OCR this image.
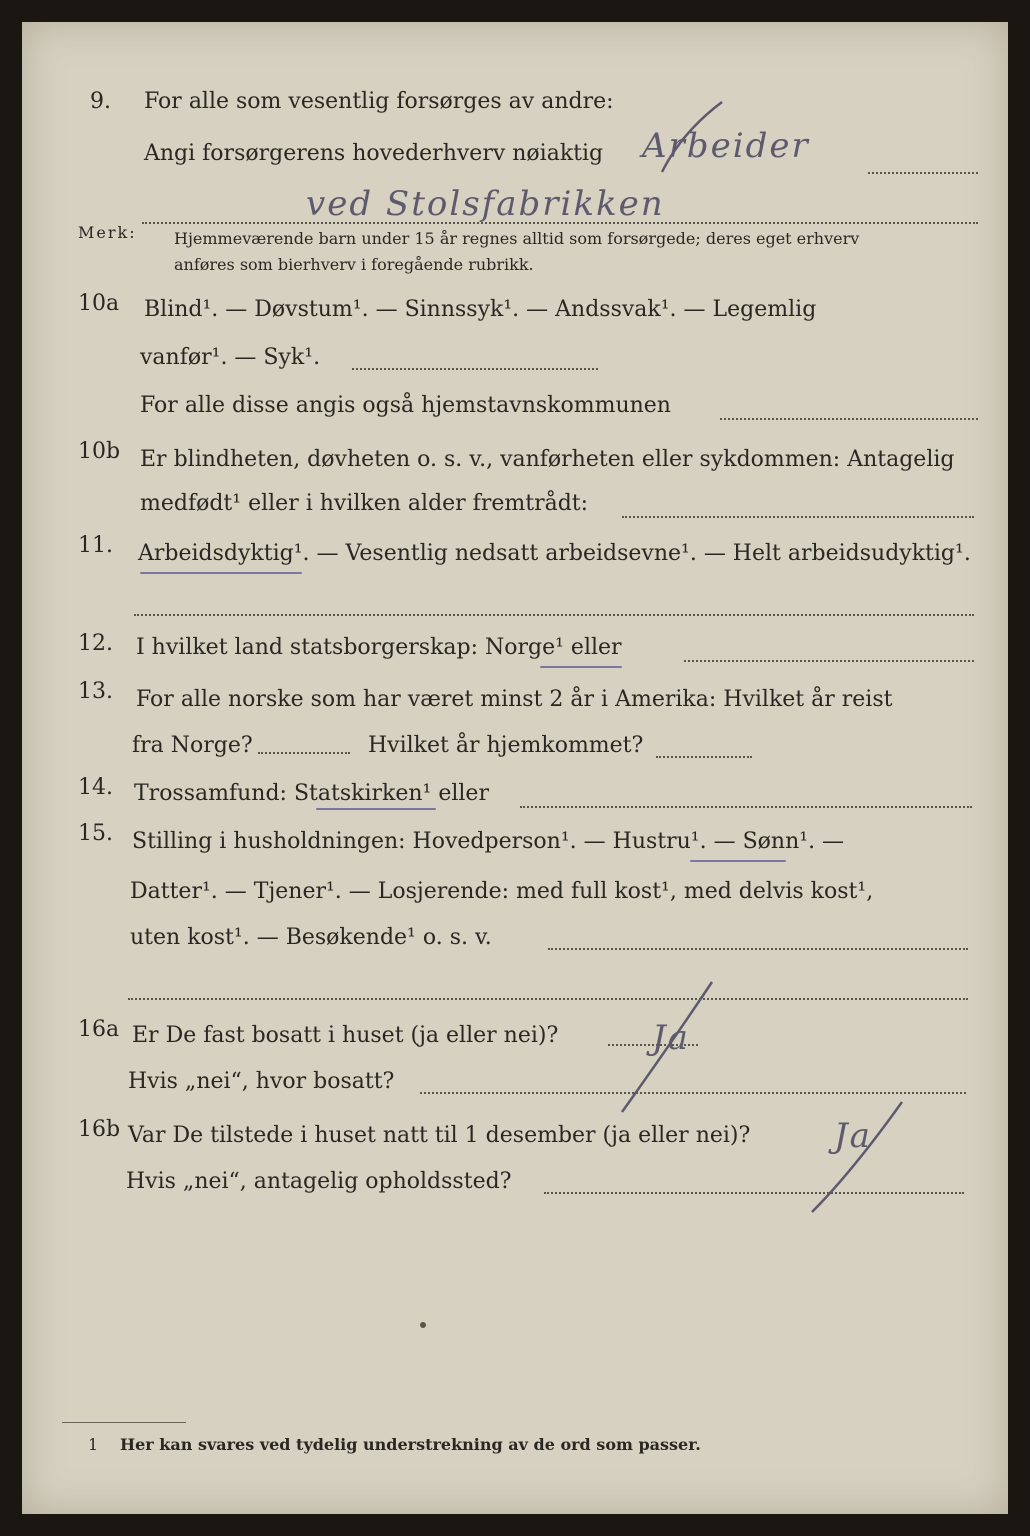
9. For alle som vesentlig forsørges av andre:
Angi forsørgerens hovederhverv nøiaktig Arbeider
ved Stolsfabrikken
Merk: Hjemmeværende barn under 15 år regnes alltid som forsørgede; deres eget erhverv
anføres som bierhverv i foregående rubrikk.
10a Blind¹. — Døvstum¹. — Sinnssyk¹. — Andssvak¹. — Legemlig
vanfør¹. — Syk¹.
For alle disse angis også hjemstavnskommunen
10b Er blindheten, døvheten o. s. v., vanførheten eller sykdommen: Antagelig
medfødt¹ eller i hvilken alder fremtrådt:
11. Arbeidsdyktig¹. — Vesentlig nedsatt arbeidsevne¹. — Helt arbeidsudyktig¹.
12. I hvilket land statsborgerskap: Norge¹ eller
13. For alle norske som har været minst 2 år i Amerika: Hvilket år reist
fra Norge?	Hvilket år hjemkommet?
14. Trossamfund: Statskirken¹ eller
15. Stilling i husholdningen: Hovedperson¹. — Hustru¹. — Sønn¹. —
Datter¹. — Tjener¹. — Losjerende: med full kost¹, med delvis kost¹,
uten kost¹. — Besøkende¹ o. s. v.
16a Er De fast bosatt i huset (ja eller nei)?	Ja
Hvis „nei“, hvor bosatt?
16b Var De tilstede i huset natt til 1 desember (ja eller nei)? Ja
Hvis „nei“, antagelig opholdssted?
1 Her kan svares ved tydelig understrekning av de ord som passer.
